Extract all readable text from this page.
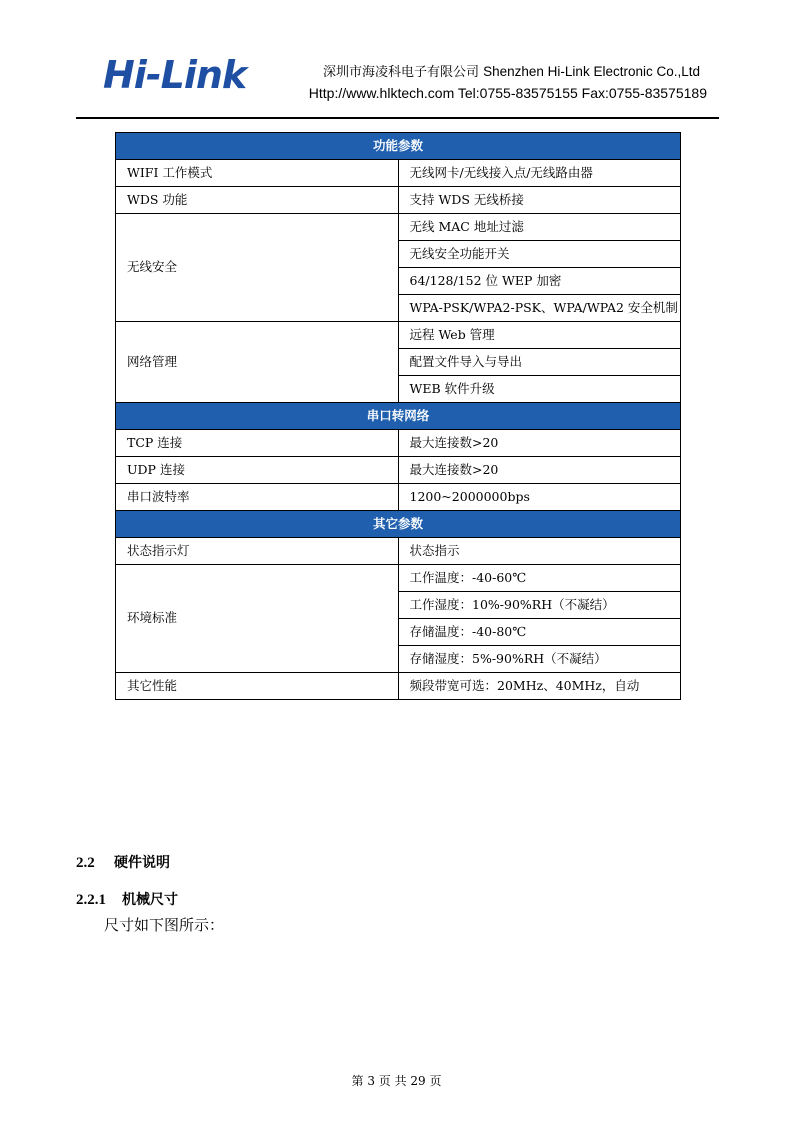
Hi-Link	深圳市海凌科电子有限公司 Shenzhen Hi-Link Electronic Co.,Ltd
Http://www.hlktech.com Tel:0755-83575155 Fax:0755-83575189
功能参数	
WIFI 工作模式	无线网卡/无线接入点/无线路由器
WDS 功能	支持 WDS 无线桥接
无线安全	无线 MAC 地址过滤
	无线安全功能开关
	64/128/152 位 WEP 加密
	WPA-PSK/WPA2-PSK、WPA/WPA2 安全机制
网络管理	远程 Web 管理
	配置文件导入与导出
	WEB 软件升级
串口转网络	
TCP 连接	最大连接数>20
UDP 连接	最大连接数>20
串口波特率	1200~2000000bps
其它参数	
状态指示灯	状态指示
环境标准	工作温度：-40-60℃
	工作湿度：10%-90%RH（不凝结）
	存储温度：-40-80℃
	存储湿度：5%-90%RH（不凝结）
其它性能	频段带宽可选：20MHz、40MHz，自动
2.2 硬件说明
2.2.1 机械尺寸
尺寸如下图所示：
第 3 页 共 29 页
